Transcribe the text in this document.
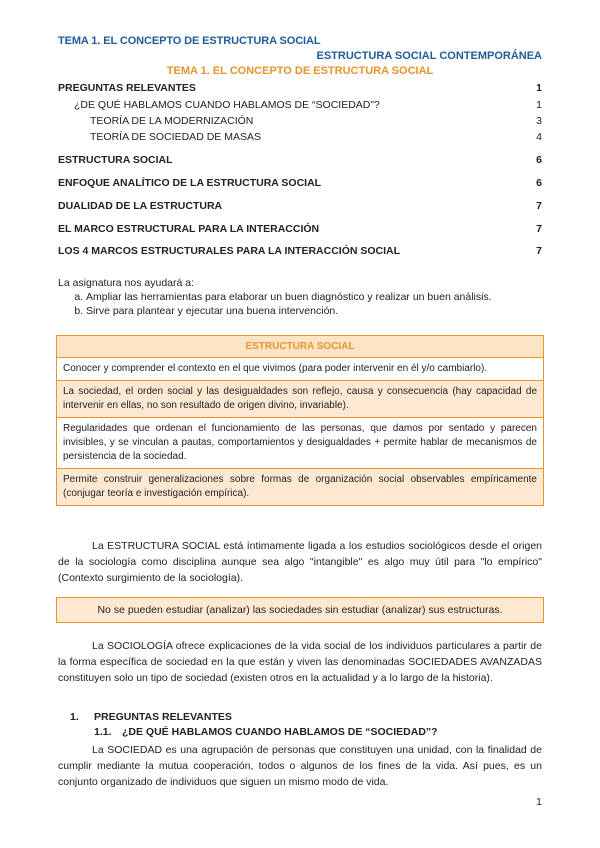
TEMA 1. EL CONCEPTO DE ESTRUCTURA SOCIAL
ESTRUCTURA SOCIAL CONTEMPORÁNEA
TEMA 1. EL CONCEPTO DE ESTRUCTURA SOCIAL
PREGUNTAS RELEVANTES	1
¿DE QUÉ HABLAMOS CUANDO HABLAMOS DE “SOCIEDAD”?	1
TEORÍA DE LA MODERNIZACIÓN	3
TEORÍA DE SOCIEDAD DE MASAS	4
ESTRUCTURA SOCIAL	6
ENFOQUE ANALÍTICO DE LA ESTRUCTURA SOCIAL	6
DUALIDAD DE LA ESTRUCTURA	7
EL MARCO ESTRUCTURAL PARA LA INTERACCIÓN	7
LOS 4 MARCOS ESTRUCTURALES PARA LA INTERACCIÓN SOCIAL	7
La asignatura nos ayudará a:
a. Ampliar las herramientas para elaborar un buen diagnóstico y realizar un buen análisis.
b. Sirve para plantear y ejecutar una buena intervención.
ESTRUCTURA SOCIAL
Conocer y comprender el contexto en el que vivimos (para poder intervenir en él y/o cambiarlo).
La sociedad, el orden social y las desigualdades son reflejo, causa y consecuencia (hay capacidad de intervenir en ellas, no son resultado de origen divino, invariable).
Regularidades que ordenan el funcionamiento de las personas, que damos por sentado y parecen invisibles, y se vinculan a pautas, comportamientos y desigualdades + permite hablar de mecanismos de persistencia de la sociedad.
Permite construir generalizaciones sobre formas de organización social observables empíricamente (conjugar teoría e investigación empírica).
La ESTRUCTURA SOCIAL está íntimamente ligada a los estudios sociológicos desde el origen de la sociología como disciplina aunque sea algo "intangible" es algo muy útil para "lo empírico" (Contexto surgimiento de la sociología).
No se pueden estudiar (analizar) las sociedades sin estudiar (analizar) sus estructuras.
La SOCIOLOGÍA ofrece explicaciones de la vida social de los individuos particulares a partir de la forma específica de sociedad en la que están y viven las denominadas SOCIEDADES AVANZADAS constituyen solo un tipo de sociedad (existen otros en la actualidad y a lo largo de la historia).
1. PREGUNTAS RELEVANTES
1.1. ¿DE QUÉ HABLAMOS CUANDO HABLAMOS DE “SOCIEDAD”?
La SOCIEDAD es una agrupación de personas que constituyen una unidad, con la finalidad de cumplir mediante la mutua cooperación, todos o algunos de los fines de la vida. Así pues, es un conjunto organizado de individuos que siguen un mismo modo de vida.
1
